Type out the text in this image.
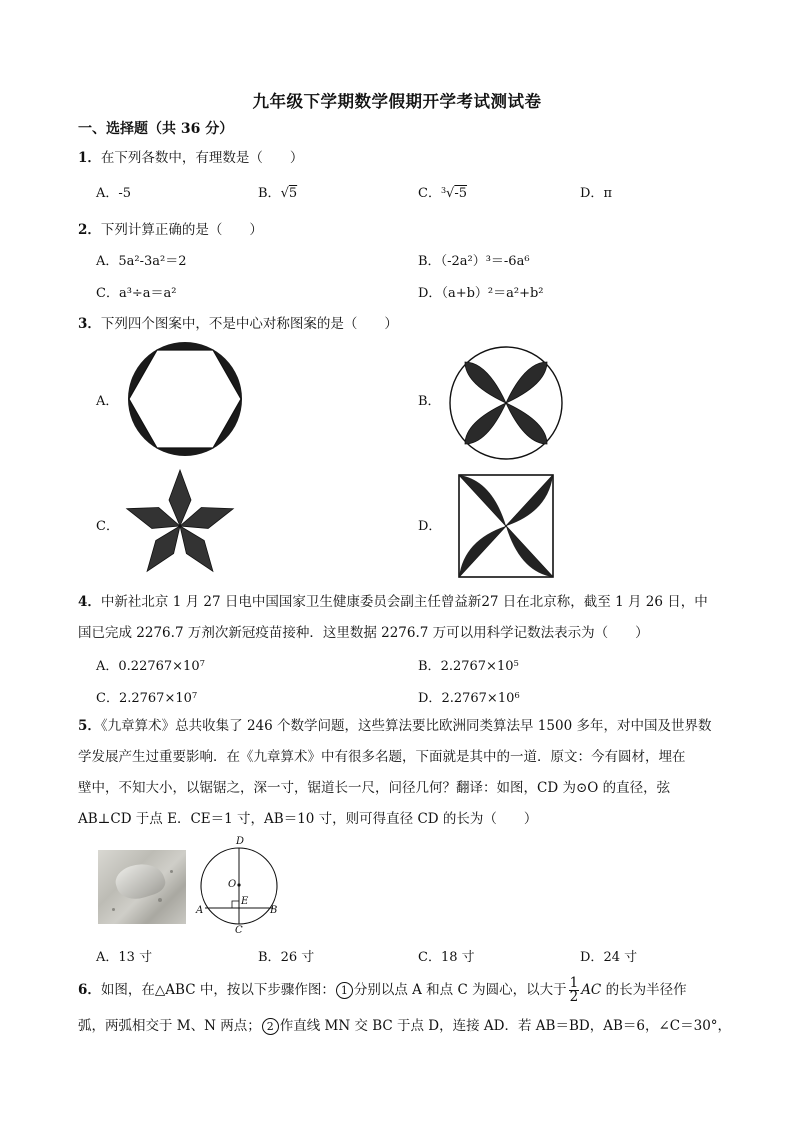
九年级下学期数学假期开学考试测试卷
一、选择题（共 36 分）
1．在下列各数中，有理数是（　　）
A．-5	B．√5	C．$^3$√-5	D．π
2．下列计算正确的是（　　）
A．5a²-3a²＝2	B．（-2a²）³＝-6a⁶
C．a³÷a＝a²	D．（a+b）²＝a²+b²
3．下列四个图案中，不是中心对称图案的是（　　）
A．	B．
C．	D．
4．中新社北京 1 月 27 日电中国国家卫生健康委员会副主任曾益新27 日在北京称，截至 1 月 26 日，中
国已完成 2276.7 万剂次新冠疫苗接种．这里数据 2276.7 万可以用科学记数法表示为（　　）
A．$0.22767\times 10^7$	B．$2.2767\times 10^5$
C．$2.2767\times 10^7$	D．$2.2767\times 10^6$
5．《九章算术》总共收集了 246 个数学问题，这些算法要比欧洲同类算法早 1500 多年，对中国及世界数
学发展产生过重要影响．在《九章算术》中有很多名题，下面就是其中的一道．原文：今有圆材，埋在
壁中，不知大小，以锯锯之，深一寸，锯道长一尺，问径几何？翻译：如图，CD 为⊙O 的直径，弦
AB⊥CD 于点 E．CE＝1 寸，AB＝10 寸，则可得直径 CD 的长为（　　）
D
O
E
A	B
C
A．13 寸	B．26 寸	C．18 寸	D．24 寸
6．如图，在△ABC 中，按以下步骤作图： 1 分别以点 A 和点 C 为圆心，以大于 $\frac{1}{2}$ AC 的长为半径作
弧，两弧相交于 M、N 两点； 2 作直线 MN 交 BC 于点 D，连接 AD．若 AB＝BD，AB＝6，∠C＝30°，
